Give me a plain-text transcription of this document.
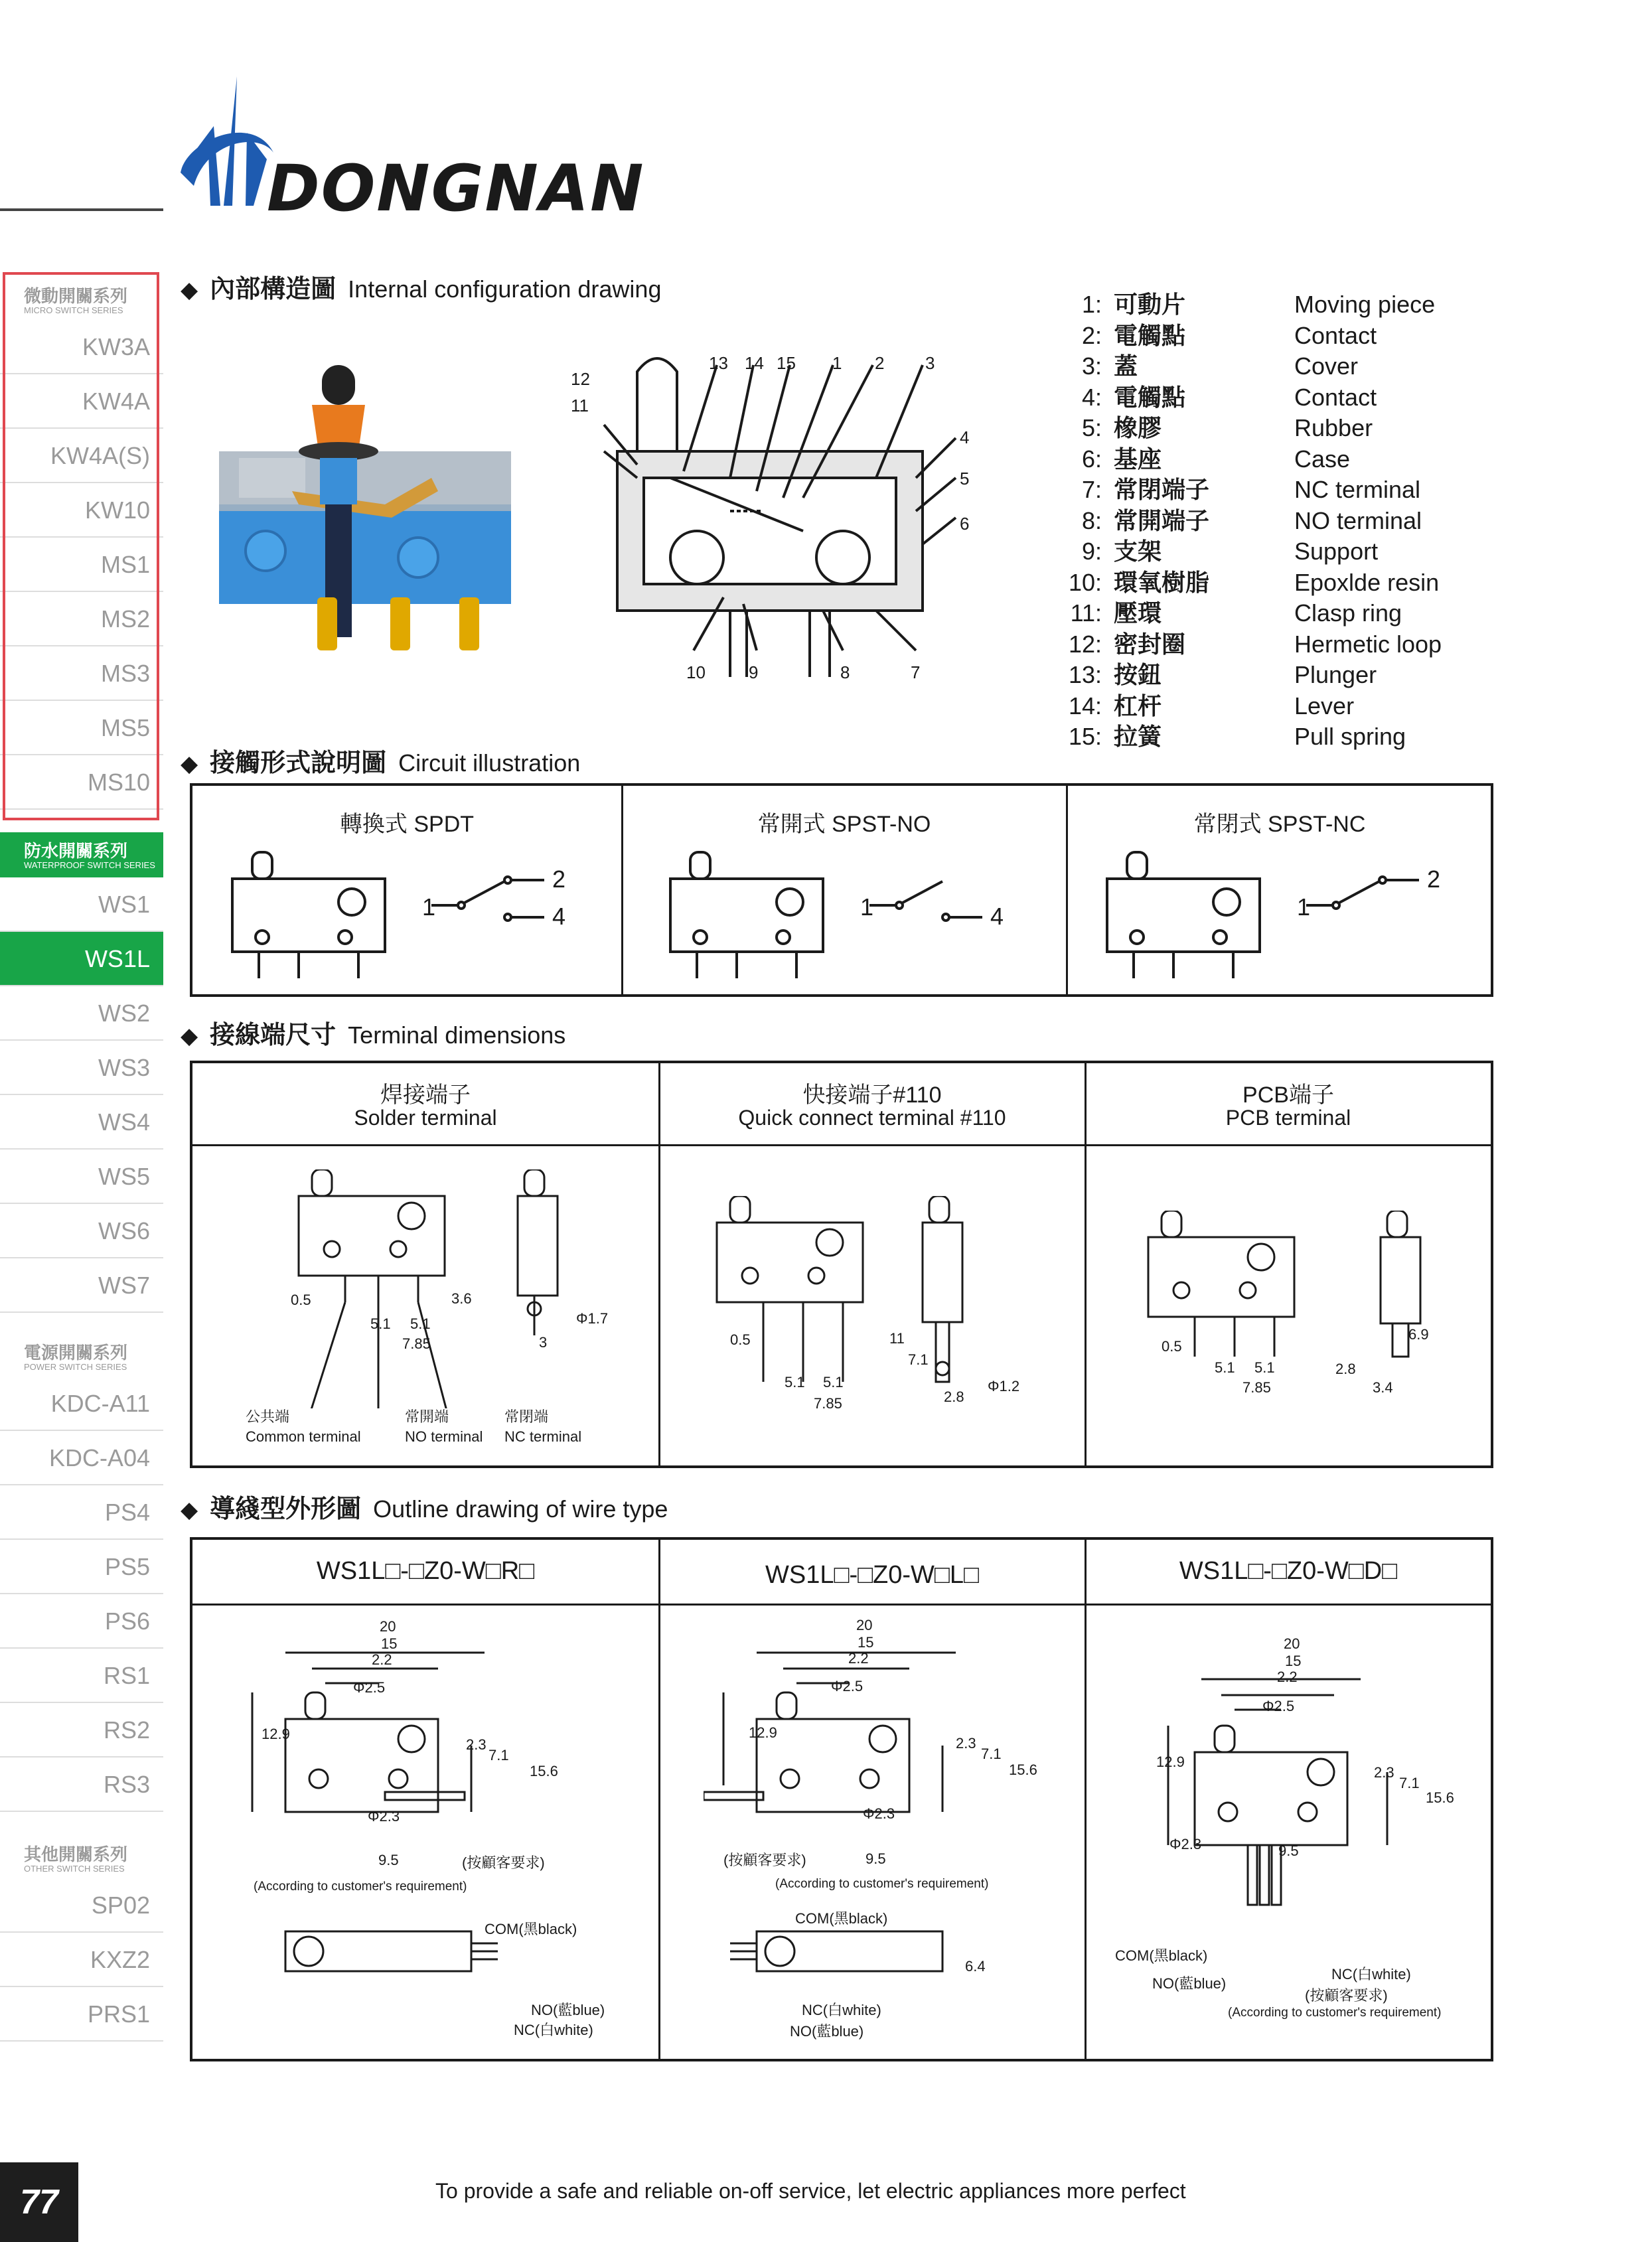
DONGNAN
微動開關系列
MICRO SWITCH SERIES
KW3A
KW4A
KW4A(S)
KW10
MS1
MS2
MS3
MS5
MS10
防水開關系列
WATERPROOF SWITCH SERIES
WS1
WS1L
WS2
WS3
WS4
WS5
WS6
WS7
電源開關系列
POWER SWITCH SERIES
KDC-A11
KDC-A04
PS4
PS5
PS6
RS1
RS2
RS3
其他開關系列
OTHER SWITCH SERIES
SP02
KXZ2
PRS1
◆ 內部構造圖 Internal configuration drawing
12
11
13 14 15 1 2 3
4
5
6
10	9	8	7
1: 可動片	Moving piece
2: 電觸點	Contact
3: 蓋	Cover
4: 電觸點	Contact
5: 橡膠	Rubber
6: 基座	Case
7: 常閉端子	NC terminal
8: 常開端子	NO terminal
9: 支架	Support
10: 環氧樹脂	Epoxlde resin
11: 壓環	Clasp ring
12: 密封圈	Hermetic loop
13: 按鈕	Plunger
14: 杠杆	Lever
15: 拉簧	Pull spring
◆ 接觸形式說明圖 Circuit illustration
轉換式 SPDT
1
2
4
常開式 SPST-NO
1	4
常閉式 SPST-NC
1
2
◆ 接線端尺寸 Terminal dimensions
焊接端子
Solder terminal
快接端子#110
Quick connect terminal #110
PCB端子
PCB terminal
0.5
5.1 5.1
7.85
3.6
Φ1.7
3
公共端
Common terminal
常開端
NO terminal
常閉端
NC terminal
0.5
5.1 5.1
7.85
11
7.1
Φ1.2
2.8
0.5
5.1 5.1
7.85
6.9
2.8
3.4
◆ 導綫型外形圖 Outline drawing of wire type
WS1L□-□Z0-W□R□	WS1L□-□Z0-W□L□	WS1L□-□Z0-W□D□
20
15
2.2
Φ2.5
12.9
2.3
7.1
15.6
Φ2.3
9.5	(按顧客要求)
(According to customer's requirement)
COM(黑black)
NO(藍blue)
NC(白white)
20
15
2.2
Φ2.5
12.9
2.3
7.1
15.6
Φ2.3
9.5
6.4
(按顧客要求)
(According to customer's requirement)
COM(黑black)
NC(白white)
NO(藍blue)
20
15
2.2
Φ2.5
12.9
2.3
7.1
15.6
Φ2.3	9.5
COM(黑black)
NO(藍blue)
NC(白white)
(按顧客要求)
(According to customer's requirement)
77	To provide a safe and reliable on-off service, let electric appliances more perfect
